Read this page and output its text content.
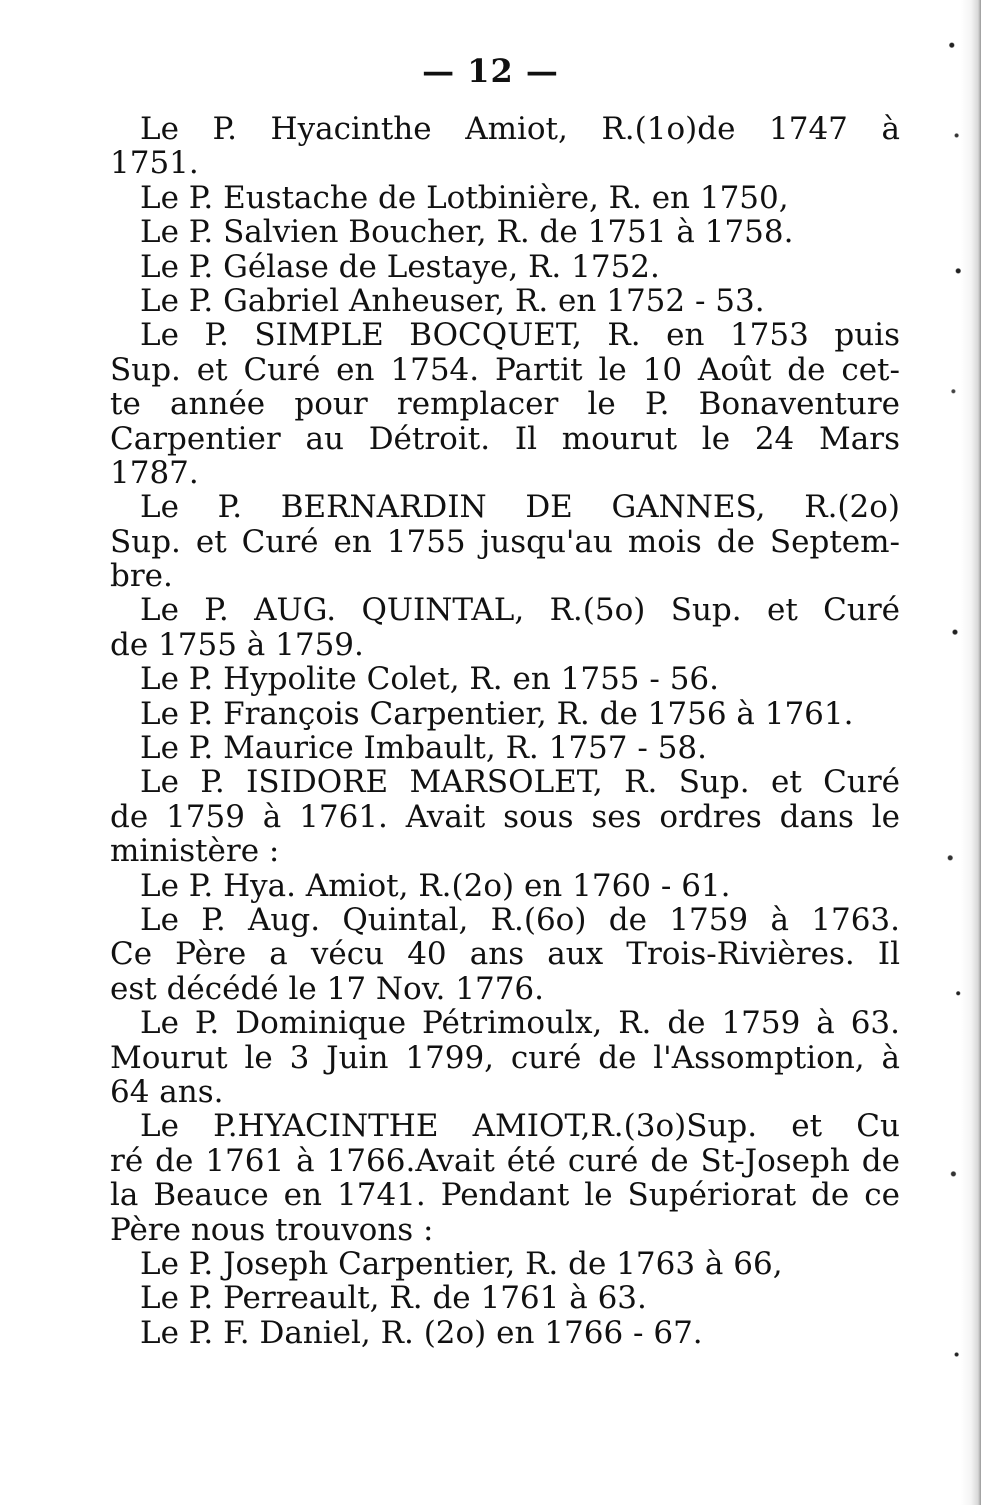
— 12 —
Le P. Hyacinthe Amiot, R.(1o)de 1747 à
1751.
Le P. Eustache de Lotbinière, R. en 1750,
Le P. Salvien Boucher, R. de 1751 à 1758.
Le P. Gélase de Lestaye, R. 1752.
Le P. Gabriel Anheuser, R. en 1752 - 53.
Le P. SIMPLE BOCQUET, R. en 1753 puis
Sup. et Curé en 1754. Partit le 10 Août de cet-
te année pour remplacer le P. Bonaventure
Carpentier au Détroit. Il mourut le 24 Mars
1787.
Le P. BERNARDIN DE GANNES, R.(2o)
Sup. et Curé en 1755 jusqu'au mois de Septem-
bre.
Le P. AUG. QUINTAL, R.(5o) Sup. et Curé
de 1755 à 1759.
Le P. Hypolite Colet, R. en 1755 - 56.
Le P. François Carpentier, R. de 1756 à 1761.
Le P. Maurice Imbault, R. 1757 - 58.
Le P. ISIDORE MARSOLET, R. Sup. et Curé
de 1759 à 1761. Avait sous ses ordres dans le
ministère :
Le P. Hya. Amiot, R.(2o) en 1760 - 61.
Le P. Aug. Quintal, R.(6o) de 1759 à 1763.
Ce Père a vécu 40 ans aux Trois-Rivières. Il
est décédé le 17 Nov. 1776.
Le P. Dominique Pétrimoulx, R. de 1759 à 63.
Mourut le 3 Juin 1799, curé de l'Assomption, à
64 ans.
Le P.HYACINTHE AMIOT,R.(3o)Sup. et Cu
ré de 1761 à 1766.Avait été curé de St-Joseph de
la Beauce en 1741. Pendant le Supériorat de ce
Père nous trouvons :
Le P. Joseph Carpentier, R. de 1763 à 66,
Le P. Perreault, R. de 1761 à 63.
Le P. F. Daniel, R. (2o) en 1766 - 67.
